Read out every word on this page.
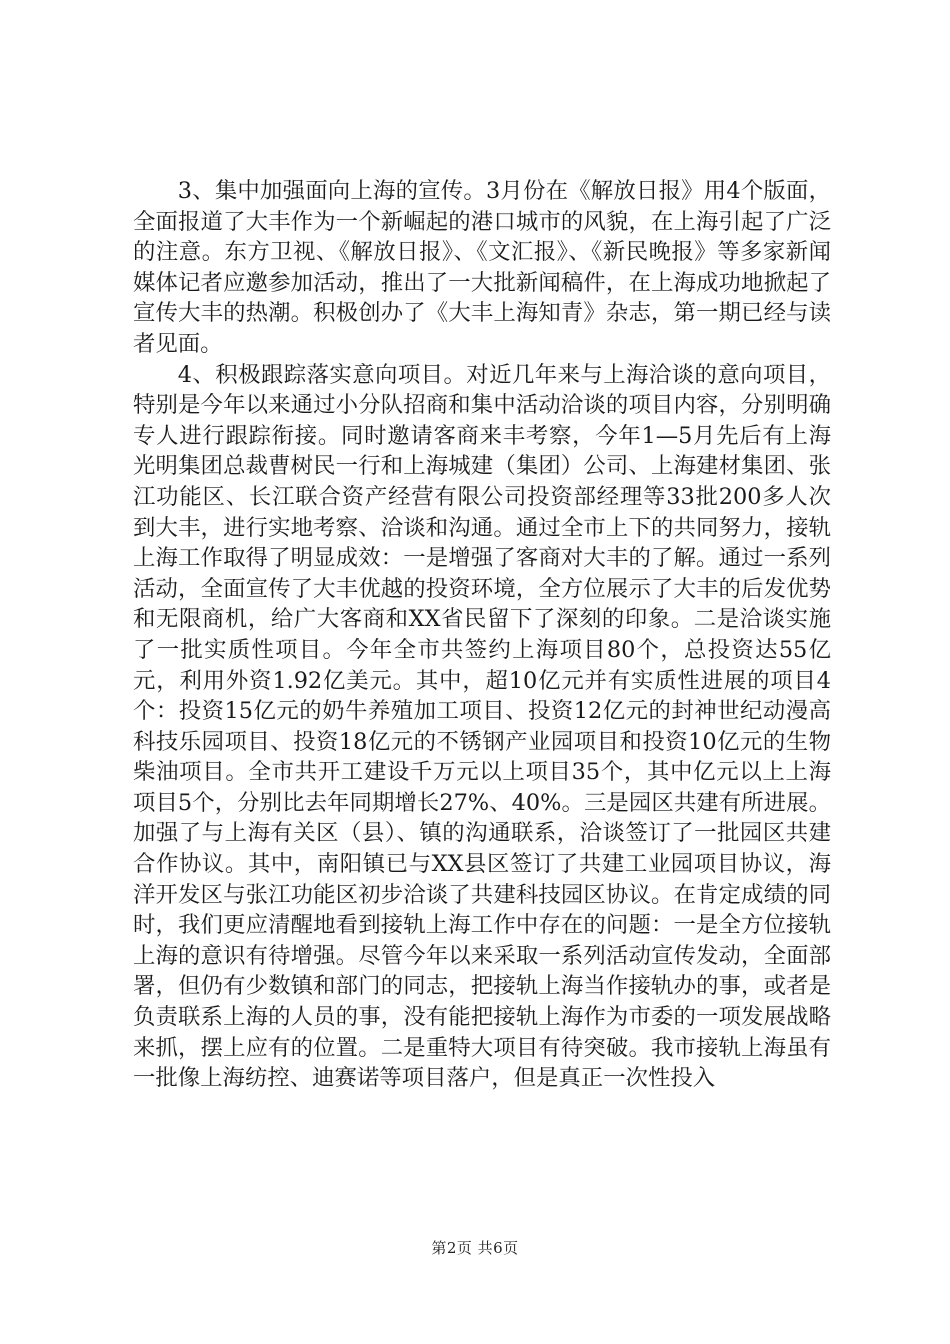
3、集中加强面向上海的宣传。3月份在《解放日报》用4个版面，全面报道了大丰作为一个新崛起的港口城市的风貌，在上海引起了广泛的注意。东方卫视、《解放日报》、《文汇报》、《新民晚报》等多家新闻媒体记者应邀参加活动，推出了一大批新闻稿件，在上海成功地掀起了宣传大丰的热潮。积极创办了《大丰上海知青》杂志，第一期已经与读者见面。

4、积极跟踪落实意向项目。对近几年来与上海洽谈的意向项目，特别是今年以来通过小分队招商和集中活动洽谈的项目内容，分别明确专人进行跟踪衔接。同时邀请客商来丰考察，今年1—5月先后有上海光明集团总裁曹树民一行和上海城建（集团）公司、上海建材集团、张江功能区、长江联合资产经营有限公司投资部经理等33批200多人次到大丰，进行实地考察、洽谈和沟通。通过全市上下的共同努力，接轨上海工作取得了明显成效：一是增强了客商对大丰的了解。通过一系列活动，全面宣传了大丰优越的投资环境，全方位展示了大丰的后发优势和无限商机，给广大客商和XX省民留下了深刻的印象。二是洽谈实施了一批实质性项目。今年全市共签约上海项目80个，总投资达55亿元，利用外资1.92亿美元。其中，超10亿元并有实质性进展的项目4个：投资15亿元的奶牛养殖加工项目、投资12亿元的封神世纪动漫高科技乐园项目、投资18亿元的不锈钢产业园项目和投资10亿元的生物柴油项目。全市共开工建设千万元以上项目35个，其中亿元以上上海项目5个，分别比去年同期增长27%、40%。三是园区共建有所进展。加强了与上海有关区（县）、镇的沟通联系，洽谈签订了一批园区共建合作协议。其中，南阳镇已与XX县区签订了共建工业园项目协议，海洋开发区与张江功能区初步洽谈了共建科技园区协议。在肯定成绩的同时，我们更应清醒地看到接轨上海工作中存在的问题：一是全方位接轨上海的意识有待增强。尽管今年以来采取一系列活动宣传发动，全面部署，但仍有少数镇和部门的同志，把接轨上海当作接轨办的事，或者是负责联系上海的人员的事，没有能把接轨上海作为市委的一项发展战略来抓，摆上应有的位置。二是重特大项目有待突破。我市接轨上海虽有一批像上海纺控、迪赛诺等项目落户，但是真正一次性投入

第2页 共6页
